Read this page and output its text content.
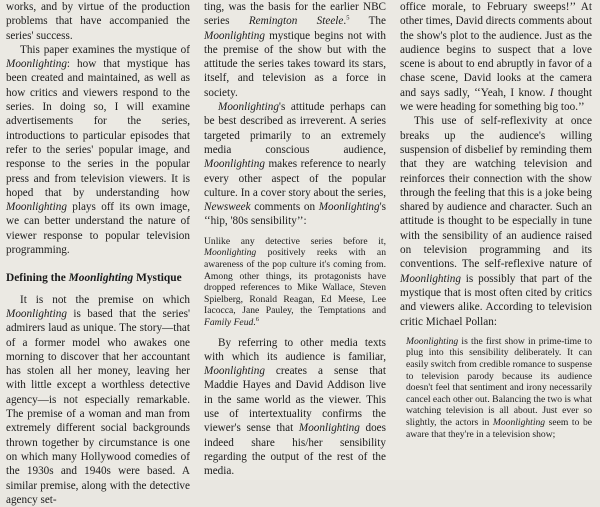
works, and by virtue of the production problems that have accompanied the series' success.

This paper examines the mystique of Moonlighting: how that mystique has been created and maintained, as well as how critics and viewers respond to the series. In doing so, I will examine advertisements for the series, introductions to particular episodes that refer to the series' popular image, and response to the series in the popular press and from television viewers. It is hoped that by understanding how Moonlighting plays off its own image, we can better understand the nature of viewer response to popular television programming.

Defining the Moonlighting Mystique

It is not the premise on which Moonlighting is based that the series' admirers laud as unique. The story—that of a former model who awakes one morning to discover that her accountant has stolen all her money, leaving her with little except a worthless detective agency—is not especially remarkable. The premise of a woman and man from extremely different social backgrounds thrown together by circumstance is one on which many Hollywood comedies of the 1930s and 1940s were based. A similar premise, along with the detective agency set-

ting, was the basis for the earlier NBC series Remington Steele.$^5$ The Moonlighting mystique begins not with the premise of the show but with the attitude the series takes toward its stars, itself, and television as a force in society.

Moonlighting's attitude perhaps can be best described as irreverent. A series targeted primarily to an extremely media conscious audience, Moonlighting makes reference to nearly every other aspect of the popular culture. In a cover story about the series, Newsweek comments on Moonlighting's ‘‘hip, '80s sensibility’’:

Unlike any detective series before it, Moonlighting positively reeks with an awareness of the pop culture it's coming from. Among other things, its protagonists have dropped references to Mike Wallace, Steven Spielberg, Ronald Reagan, Ed Meese, Lee Iacocca, Jane Pauley, the Temptations and Family Feud.$^6$

By referring to other media texts with which its audience is familiar, Moonlighting creates a sense that Maddie Hayes and David Addison live in the same world as the viewer. This use of intertextuality confirms the viewer's sense that Moonlighting does indeed share his/her sensibility regarding the output of the rest of the media.

office morale, to February sweeps!’’ At other times, David directs comments about the show's plot to the audience. Just as the audience begins to suspect that a love scene is about to end abruptly in favor of a chase scene, David looks at the camera and says sadly, ‘‘Yeah, I know. I thought we were heading for something big too.’’

This use of self-reflexivity at once breaks up the audience's willing suspension of disbelief by reminding them that they are watching television and reinforces their connection with the show through the feeling that this is a joke being shared by audience and character. Such an attitude is thought to be especially in tune with the sensibility of an audience raised on television programming and its conventions. The self-reflexive nature of Moonlighting is possibly that part of the mystique that is most often cited by critics and viewers alike. According to television critic Michael Pollan:

Moonlighting is the first show in prime-time to plug into this sensibility deliberately. It can easily switch from credible romance to suspense to television parody because its audience doesn't feel that sentiment and irony necessarily cancel each other out. Balancing the two is what watching television is all about. Just ever so slightly, the actors in Moonlighting seem to be aware that they're in a television show;
